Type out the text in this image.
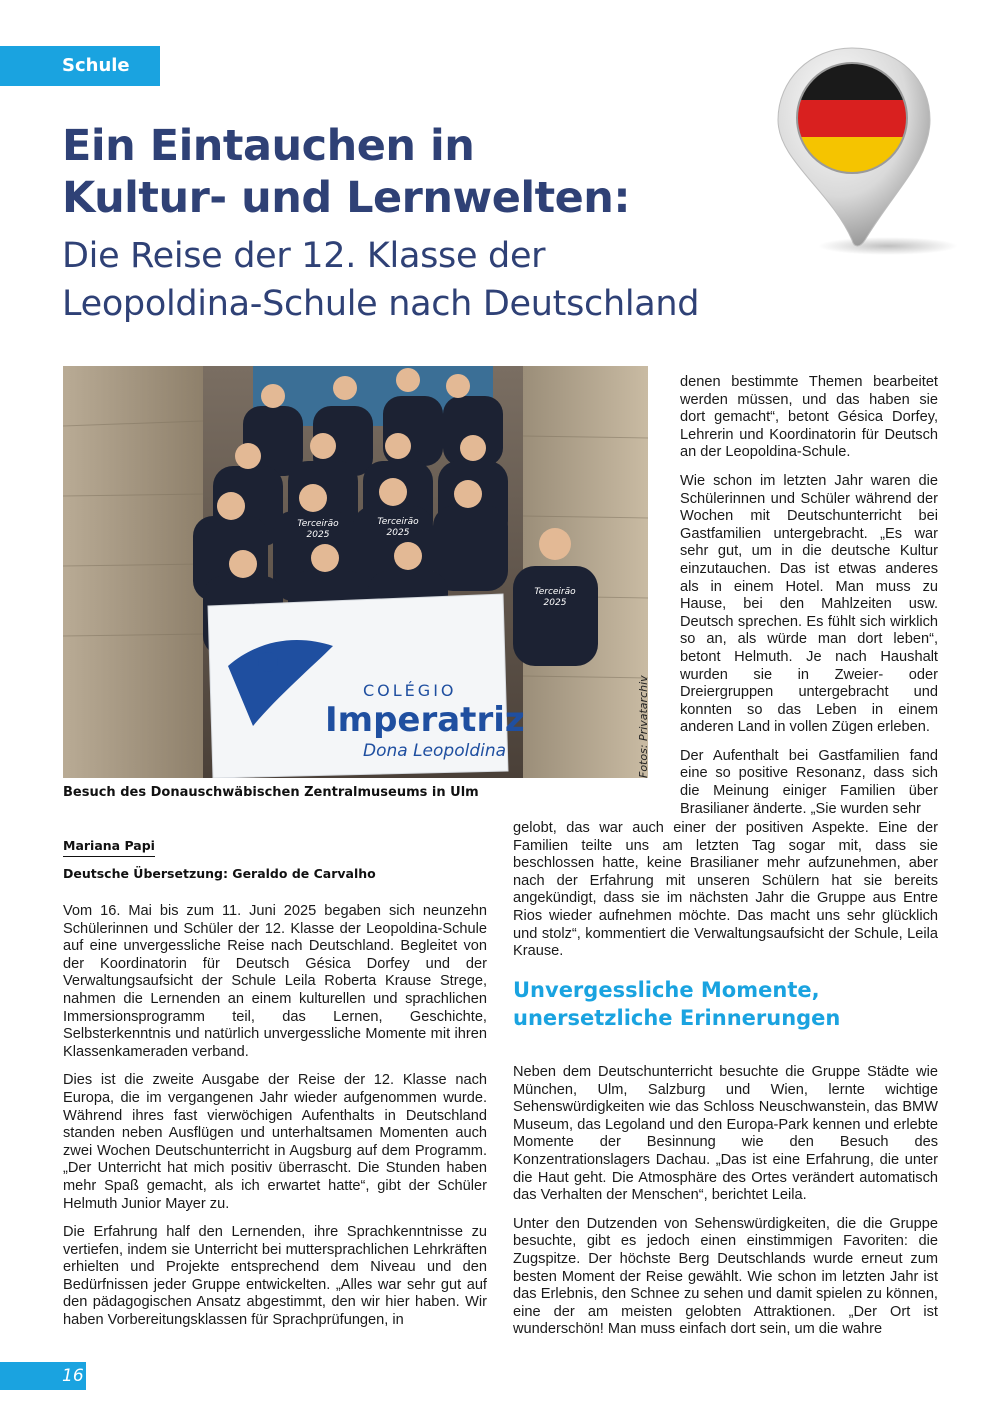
Schule
Ein Eintauchen in
Kultur- und Lernwelten:
Die Reise der 12. Klasse der
Leopoldina-Schule nach Deutschland
Terceirão
2025
Terceirão
2025
Terceirão
2025
COLÉGIO
Imperatriz
Dona Leopoldina	Fotos: Privatarchiv
Besuch des Donauschwäbischen Zentralmuseums in Ulm
Mariana Papi
Deutsche Übersetzung: Geraldo de Carvalho

Vom 16. Mai bis zum 11. Juni 2025 begaben sich neunzehn Schülerinnen und Schüler der 12. Klasse der Leopoldina-Schule auf eine unvergessliche Reise nach Deutschland. Begleitet von der Koordinatorin für Deutsch Gésica Dorfey und der Verwaltungsaufsicht der Schule Leila Roberta Krause Strege, nahmen die Lernenden an einem kulturellen und sprachlichen Immersionsprogramm teil, das Lernen, Geschichte, Selbsterkenntnis und natürlich unvergessliche Momente mit ihren Klassenkameraden verband.

Dies ist die zweite Ausgabe der Reise der 12. Klasse nach Europa, die im vergangenen Jahr wieder aufgenommen wurde. Während ihres fast vierwöchigen Aufenthalts in Deutschland standen neben Ausflügen und unterhaltsamen Momenten auch zwei Wochen Deutschunterricht in Augsburg auf dem Programm. „Der Unterricht hat mich positiv überrascht. Die Stunden haben mehr Spaß gemacht, als ich erwartet hatte“, gibt der Schüler Helmuth Junior Mayer zu.

Die Erfahrung half den Lernenden, ihre Sprachkenntnisse zu vertiefen, indem sie Unterricht bei muttersprachlichen Lehrkräften erhielten und Projekte entsprechend dem Niveau und den Bedürfnissen jeder Gruppe entwickelten. „Alles war sehr gut auf den pädagogischen Ansatz abgestimmt, den wir hier haben. Wir haben Vorbereitungsklassen für Sprachprüfungen, in

denen bestimmte Themen bearbeitet werden müssen, und das haben sie dort gemacht“, betont Gésica Dorfey, Lehrerin und Koordinatorin für Deutsch an der Leopoldina-Schule.

Wie schon im letzten Jahr waren die Schülerinnen und Schüler während der Wochen mit Deutschunterricht bei Gastfamilien untergebracht. „Es war sehr gut, um in die deutsche Kultur einzutauchen. Das ist etwas anderes als in einem Hotel. Man muss zu Hause, bei den Mahlzeiten usw. Deutsch sprechen. Es fühlt sich wirklich so an, als würde man dort leben“, betont Helmuth. Je nach Haushalt wurden sie in Zweier- oder Dreiergruppen untergebracht und konnten so das Leben in einem anderen Land in vollen Zügen erleben.

Der Aufenthalt bei Gastfamilien fand eine so positive Resonanz, dass sich die Meinung einiger Familien über Brasilianer änderte. „Sie wurden sehr

gelobt, das war auch einer der positiven Aspekte. Eine der Familien teilte uns am letzten Tag sogar mit, dass sie beschlossen hatte, keine Brasilianer mehr aufzunehmen, aber nach der Erfahrung mit unseren Schülern hat sie bereits angekündigt, dass sie im nächsten Jahr die Gruppe aus Entre Rios wieder aufnehmen möchte. Das macht uns sehr glücklich und stolz“, kommentiert die Verwaltungsaufsicht der Schule, Leila Krause.

Unvergessliche Momente,
unersetzliche Erinnerungen

Neben dem Deutschunterricht besuchte die Gruppe Städte wie München, Ulm, Salzburg und Wien, lernte wichtige Sehenswürdigkeiten wie das Schloss Neuschwanstein, das BMW Museum, das Legoland und den Europa-Park kennen und erlebte Momente der Besinnung wie den Besuch des Konzentrationslagers Dachau. „Das ist eine Erfahrung, die unter die Haut geht. Die Atmosphäre des Ortes verändert automatisch das Verhalten der Menschen“, berichtet Leila.

Unter den Dutzenden von Sehenswürdigkeiten, die die Gruppe besuchte, gibt es jedoch einen einstimmigen Favoriten: die Zugspitze. Der höchste Berg Deutschlands wurde erneut zum besten Moment der Reise gewählt. Wie schon im letzten Jahr ist das Erlebnis, den Schnee zu sehen und damit spielen zu können, eine der am meisten gelobten Attraktionen. „Der Ort ist wunderschön! Man muss einfach dort sein, um die wahre

16
